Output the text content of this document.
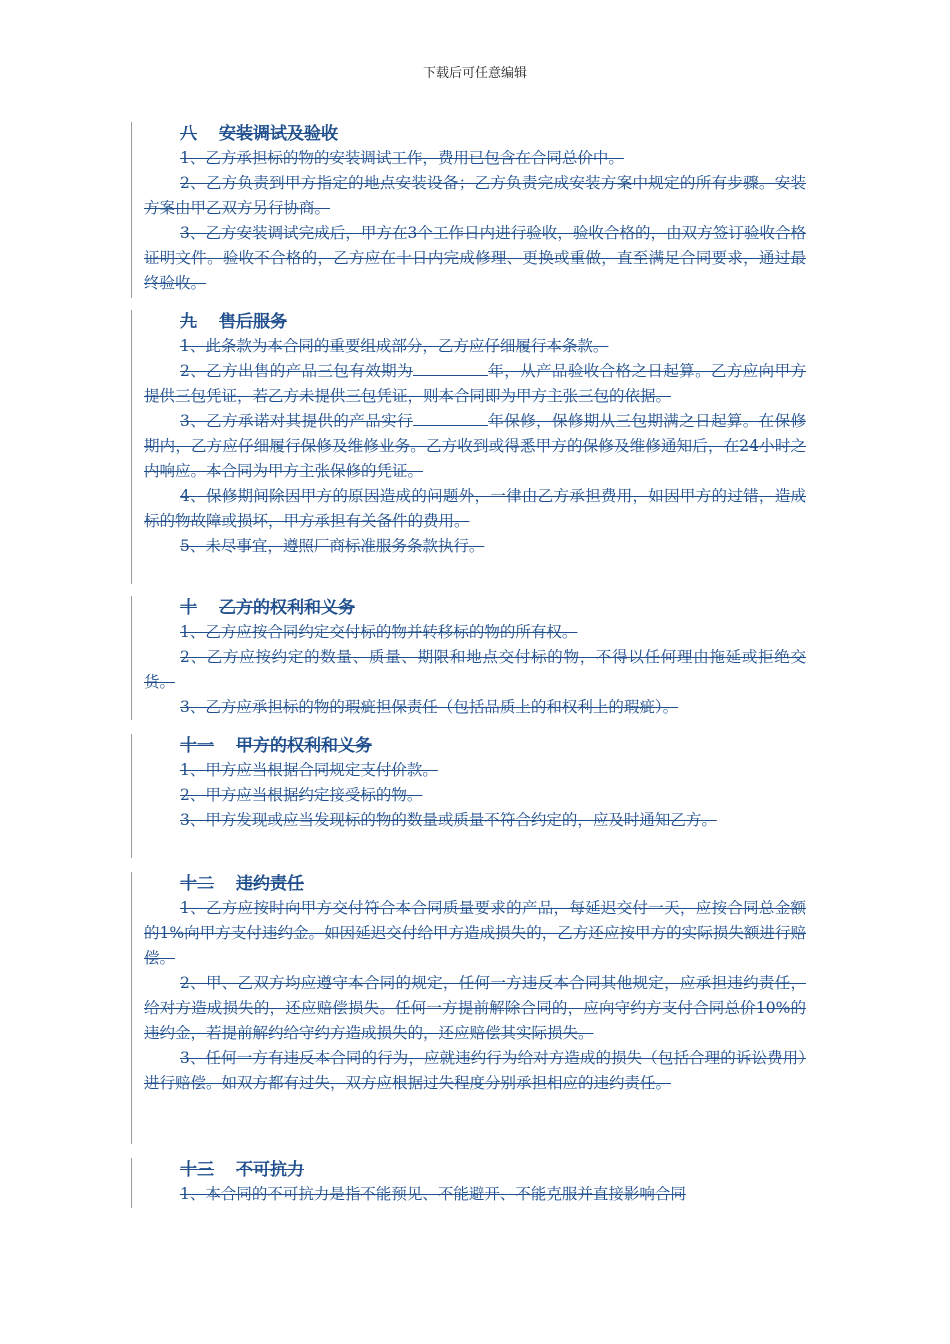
下载后可任意编辑
八 安装调试及验收

1、乙方承担标的物的安装调试工作，费用已包含在合同总价中。

2、乙方负责到甲方指定的地点安装设备；乙方负责完成安装方案中规定的所有步骤。安装方案由甲乙双方另行协商。

3、乙方安装调试完成后，甲方在3个工作日内进行验收，验收合格的，由双方签订验收合格证明文件。验收不合格的，乙方应在十日内完成修理、更换或重做，直至满足合同要求，通过最终验收。

九 售后服务

1、此条款为本合同的重要组成部分，乙方应仔细履行本条款。

2、乙方出售的产品三包有效期为	年，从产品验收合格之日起算。乙方应向甲方提供三包凭证，若乙方未提供三包凭证，则本合同即为甲方主张三包的依据。

3、乙方承诺对其提供的产品实行	年保修，保修期从三包期满之日起算。在保修期内，乙方应仔细履行保修及维修业务。乙方收到或得悉甲方的保修及维修通知后，在24小时之内响应。本合同为甲方主张保修的凭证。

4、保修期间除因甲方的原因造成的问题外，一律由乙方承担费用，如因甲方的过错，造成标的物故障或损坏，甲方承担有关备件的费用。

5、未尽事宜，遵照厂商标准服务条款执行。

十 乙方的权利和义务

1、乙方应按合同约定交付标的物并转移标的物的所有权。

2、乙方应按约定的数量、质量、期限和地点交付标的物，不得以任何理由拖延或拒绝交货。

3、乙方应承担标的物的瑕疵担保责任（包括品质上的和权利上的瑕疵）。

十一 甲方的权利和义务

1、甲方应当根据合同规定支付价款。

2、甲方应当根据约定接受标的物。

3、甲方发现或应当发现标的物的数量或质量不符合约定的，应及时通知乙方。

十二 违约责任

1、乙方应按时向甲方交付符合本合同质量要求的产品，每延迟交付一天，应按合同总金额的1%向甲方支付违约金。如因延迟交付给甲方造成损失的，乙方还应按甲方的实际损失额进行赔偿。

2、甲、乙双方均应遵守本合同的规定，任何一方违反本合同其他规定，应承担违约责任，给对方造成损失的，还应赔偿损失。任何一方提前解除合同的，应向守约方支付合同总价10%的违约金，若提前解约给守约方造成损失的，还应赔偿其实际损失。

3、任何一方有违反本合同的行为，应就违约行为给对方造成的损失（包括合理的诉讼费用）进行赔偿。如双方都有过失，双方应根据过失程度分别承担相应的违约责任。

十三 不可抗力

1、本合同的不可抗力是指不能预见、不能避开、不能克服并直接影响合同
